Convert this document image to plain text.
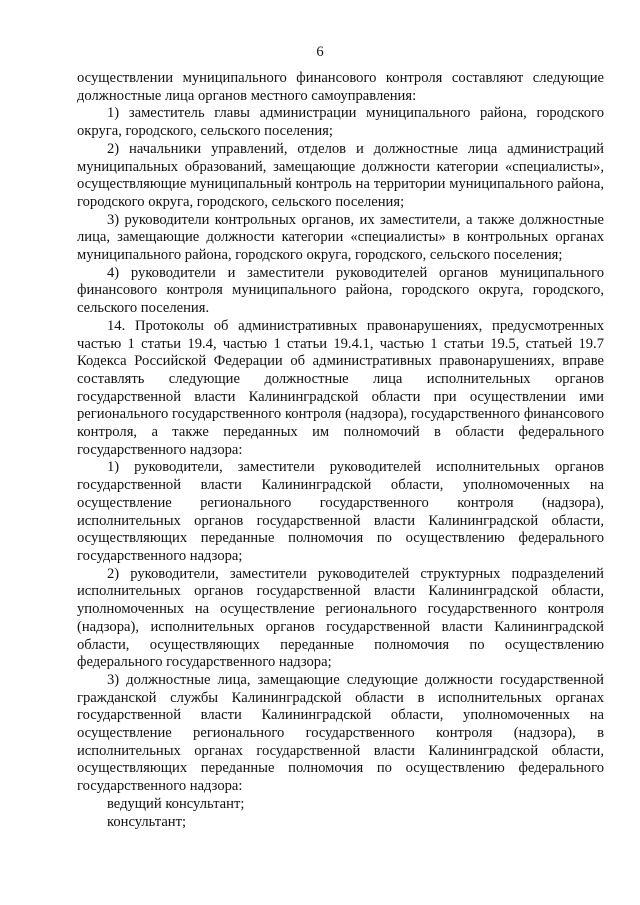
6

осуществлении муниципального финансового контроля составляют следующие должностные лица органов местного самоуправления:

1) заместитель главы администрации муниципального района, городского округа, городского, сельского поселения;

2) начальники управлений, отделов и должностные лица администраций муниципальных образований, замещающие должности категории «специалисты», осуществляющие муниципальный контроль на территории муниципального района, городского округа, городского, сельского поселения;

3) руководители контрольных органов, их заместители, а также должностные лица, замещающие должности категории «специалисты» в контрольных органах муниципального района, городского округа, городского, сельского поселения;

4) руководители и заместители руководителей органов муниципального финансового контроля муниципального района, городского округа, городского, сельского поселения.

14. Протоколы об административных правонарушениях, предусмотренных частью 1 статьи 19.4, частью 1 статьи 19.4.1, частью 1 статьи 19.5, статьей 19.7 Кодекса Российской Федерации об административных правонарушениях, вправе составлять следующие должностные лица исполнительных органов государственной власти Калининградской области при осуществлении ими регионального государственного контроля (надзора), государственного финансового контроля, а также переданных им полномочий в области федерального государственного надзора:

1) руководители, заместители руководителей исполнительных органов государственной власти Калининградской области, уполномоченных на осуществление регионального государственного контроля (надзора), исполнительных органов государственной власти Калининградской области, осуществляющих переданные полномочия по осуществлению федерального государственного надзора;

2) руководители, заместители руководителей структурных подразделений исполнительных органов государственной власти Калининградской области, уполномоченных на осуществление регионального государственного контроля (надзора), исполнительных органов государственной власти Калининградской области, осуществляющих переданные полномочия по осуществлению федерального государственного надзора;

3) должностные лица, замещающие следующие должности государственной гражданской службы Калининградской области в исполнительных органах государственной власти Калининградской области, уполномоченных на осуществление регионального государственного контроля (надзора), в исполнительных органах государственной власти Калининградской области, осуществляющих переданные полномочия по осуществлению федерального государственного надзора:

ведущий консультант;

консультант;
